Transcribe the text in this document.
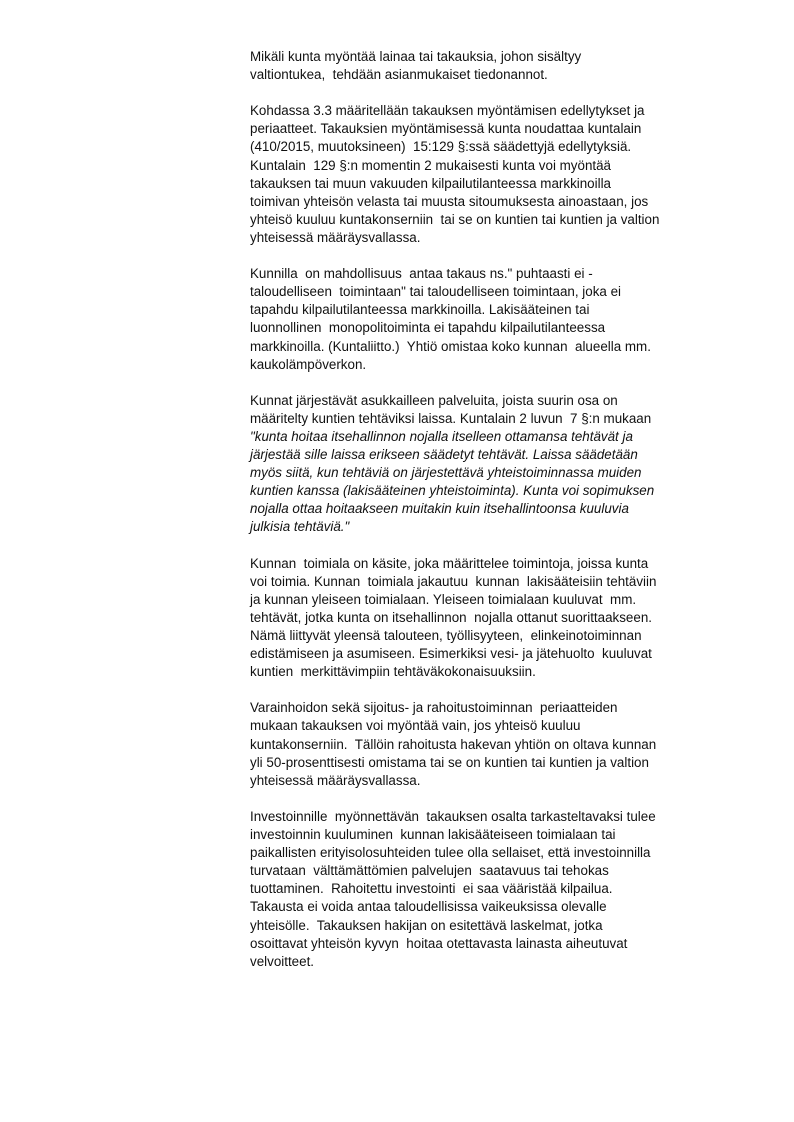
Mikäli kunta myöntää lainaa tai takauksia, johon sisältyy
valtiontukea,  tehdään asianmukaiset tiedonannot.
Kohdassa 3.3 määritellään takauksen myöntämisen edellytykset ja
periaatteet. Takauksien myöntämisessä kunta noudattaa kuntalain
(410/2015, muutoksineen)  15:129 §:ssä säädettyjä edellytyksiä.
Kuntalain  129 §:n momentin 2 mukaisesti kunta voi myöntää
takauksen tai muun vakuuden kilpailutilanteessa markkinoilla
toimivan yhteisön velasta tai muusta sitoumuksesta ainoastaan, jos
yhteisö kuuluu kuntakonserniin  tai se on kuntien tai kuntien ja valtion
yhteisessä määräysvallassa.
Kunnilla  on mahdollisuus  antaa takaus ns." puhtaasti ei -
taloudelliseen  toimintaan" tai taloudelliseen toimintaan, joka ei
tapahdu kilpailutilanteessa markkinoilla. Lakisääteinen tai
luonnollinen  monopolitoiminta ei tapahdu kilpailutilanteessa
markkinoilla. (Kuntaliitto.)  Yhtiö omistaa koko kunnan  alueella mm.
kaukolämpöverkon.
Kunnat järjestävät asukkailleen palveluita, joista suurin osa on
määritelty kuntien tehtäviksi laissa. Kuntalain 2 luvun  7 §:n mukaan
"kunta hoitaa itsehallinnon nojalla itselleen ottamansa tehtävät ja
järjestää sille laissa erikseen säädetyt tehtävät. Laissa säädetään
myös siitä, kun tehtäviä on järjestettävä yhteistoiminnassa muiden
kuntien kanssa (lakisääteinen yhteistoiminta). Kunta voi sopimuksen
nojalla ottaa hoitaakseen muitakin kuin itsehallintoonsa kuuluvia
julkisia tehtäviä."
Kunnan  toimiala on käsite, joka määrittelee toimintoja, joissa kunta
voi toimia. Kunnan  toimiala jakautuu  kunnan  lakisääteisiin tehtäviin
ja kunnan yleiseen toimialaan. Yleiseen toimialaan kuuluvat  mm.
tehtävät, jotka kunta on itsehallinnon  nojalla ottanut suorittaakseen.
Nämä liittyvät yleensä talouteen, työllisyyteen,  elinkeinotoiminnan
edistämiseen ja asumiseen. Esimerkiksi vesi- ja jätehuolto  kuuluvat
kuntien  merkittävimpiin tehtäväkokonaisuuksiin.
Varainhoidon sekä sijoitus- ja rahoitustoiminnan  periaatteiden
mukaan takauksen voi myöntää vain, jos yhteisö kuuluu
kuntakonserniin.  Tällöin rahoitusta hakevan yhtiön on oltava kunnan
yli 50-prosenttisesti omistama tai se on kuntien tai kuntien ja valtion
yhteisessä määräysvallassa.
Investoinnille  myönnettävän  takauksen osalta tarkasteltavaksi tulee
investoinnin kuuluminen  kunnan lakisääteiseen toimialaan tai
paikallisten erityisolosuhteiden tulee olla sellaiset, että investoinnilla
turvataan  välttämättömien palvelujen  saatavuus tai tehokas
tuottaminen.  Rahoitettu investointi  ei saa vääristää kilpailua.
Takausta ei voida antaa taloudellisissa vaikeuksissa olevalle
yhteisölle.  Takauksen hakijan on esitettävä laskelmat, jotka
osoittavat yhteisön kyvyn  hoitaa otettavasta lainasta aiheutuvat
velvoitteet.
